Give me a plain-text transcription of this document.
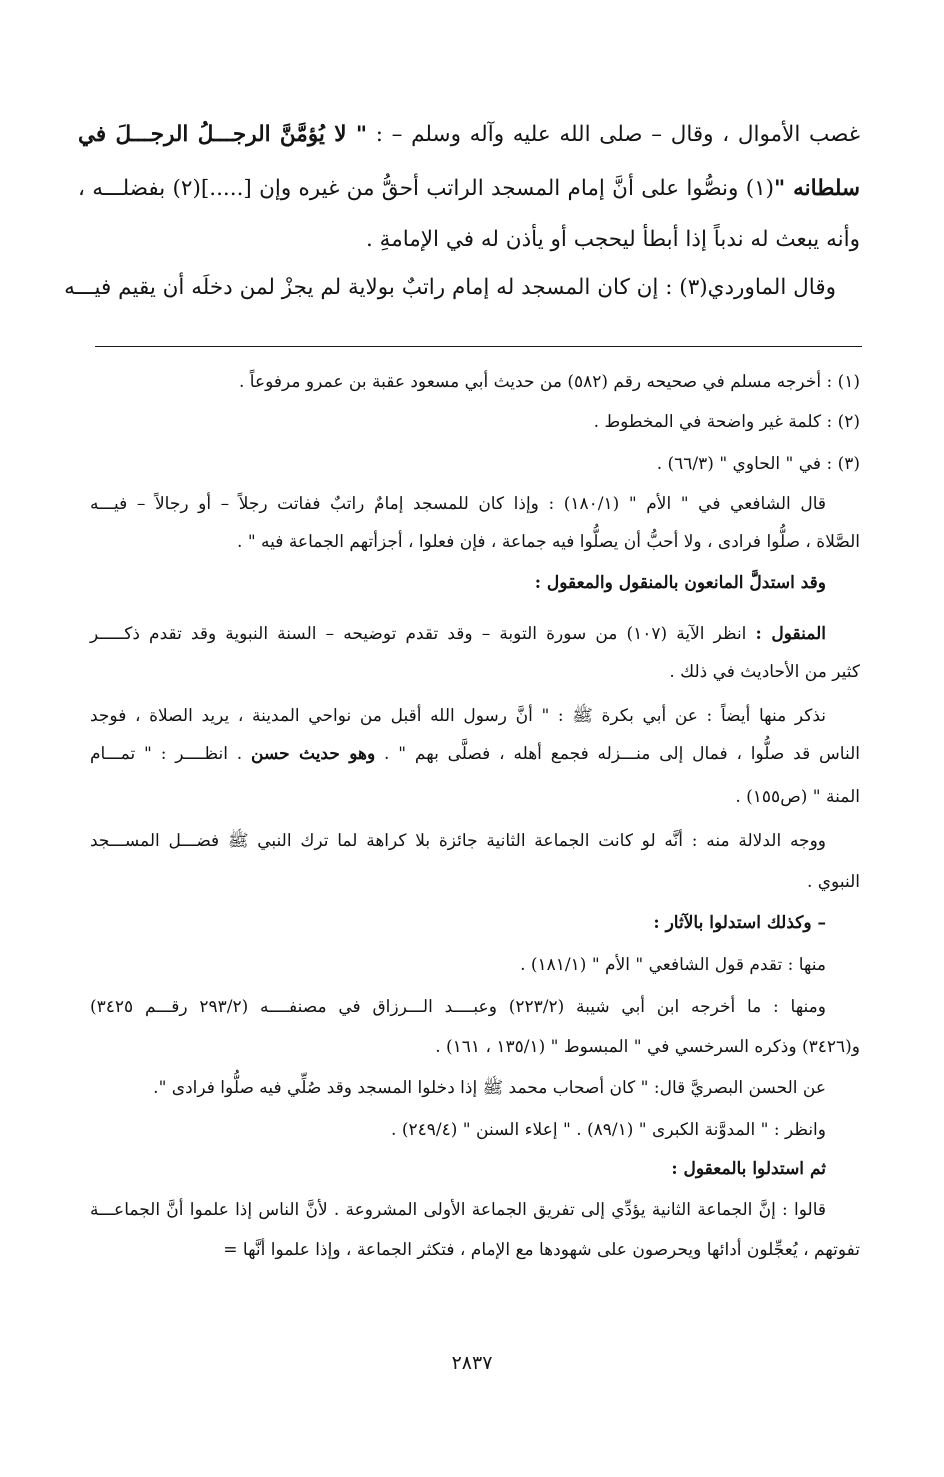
غصب الأموال ، وقال – صلى الله عليه وآله وسلم – : " لا يُؤمَّنَّ الرجـــلُ الرجـــلَ في
سلطانه "(١) ونصُّوا على أنَّ إمام المسجد الراتب أحقُّ من غيره وإن [.....](٢) بفضلـــه ،
وأنه يبعث له ندباً إذا أبطأ ليحجب أو يأذن له في الإمامةِ .
وقال الماوردي(٣) : إن كان المسجد له إمام راتبٌ بولاية لم يجزْ لمن دخلَه أن يقيم فيـــه
(١) : أخرجه مسلم في صحيحه رقم (٥٨٢) من حديث أبي مسعود عقبة بن عمرو مرفوعاً .
(٢) : كلمة غير واضحة في المخطوط .
(٣) : في " الحاوي " (٦٦/٣) .
قال الشافعي في " الأم " (١٨٠/١) : وإذا كان للمسجد إمامٌ راتبٌ ففاتت رجلاً – أو رجالاً – فيـــه
الصَّلاة ، صلُّوا فرادى ، ولا أحبُّ أن يصلُّوا فيه جماعة ، فإن فعلوا ، أجزأتهم الجماعة فيه " .
وقد استدلَّ المانعون بالمنقول والمعقول :
المنقول : انظر الآية (١٠٧) من سورة التوبة – وقد تقدم توضيحه – السنة النبوية وقد تقدم ذكـــــر
كثير من الأحاديث في ذلك .
نذكر منها أيضاً : عن أبي بكرة ﷺ : " أنَّ رسول الله أقبل من نواحي المدينة ، يريد الصلاة ، فوجد
الناس قد صلُّوا ، فمال إلى منـــزله فجمع أهله ، فصلَّى بهم " . وهو حديث حسن . انظــــر : " تمـــام
المنة " (ص١٥٥) .
ووجه الدلالة منه : أنَّه لو كانت الجماعة الثانية جائزة بلا كراهة لما ترك النبي ﷺ فضـــل المســـجد
النبوي .
– وكذلك استدلوا بالآثار :
منها : تقدم قول الشافعي " الأم " (١٨١/١) .
ومنها : ما أخرجه ابن أبي شيبة (٢٢٣/٢) وعبــــد الـــرزاق في مصنفــــه (٢٩٣/٢ رقـــم ٣٤٢٥)
و(٣٤٢٦) وذكره السرخسي في " المبسوط " (١٣٥/١ ، ١٦١) .
عن الحسن البصريَّ قال: " كان أصحاب محمد ﷺ إذا دخلوا المسجد وقد صُلِّي فيه صلُّوا فرادى ".
وانظر : " المدوَّنة الكبرى " (٨٩/١) . " إعلاء السنن " (٢٤٩/٤) .
ثم استدلوا بالمعقول :
قالوا : إنَّ الجماعة الثانية يؤدِّي إلى تفريق الجماعة الأولى المشروعة . لأنَّ الناس إذا علموا أنَّ الجماعـــة
تفوتهم ، يُعجِّلون أدائها ويحرصون على شهودها مع الإمام ، فتكثر الجماعة ، وإذا علموا أنَّها =
٢٨٣٧
